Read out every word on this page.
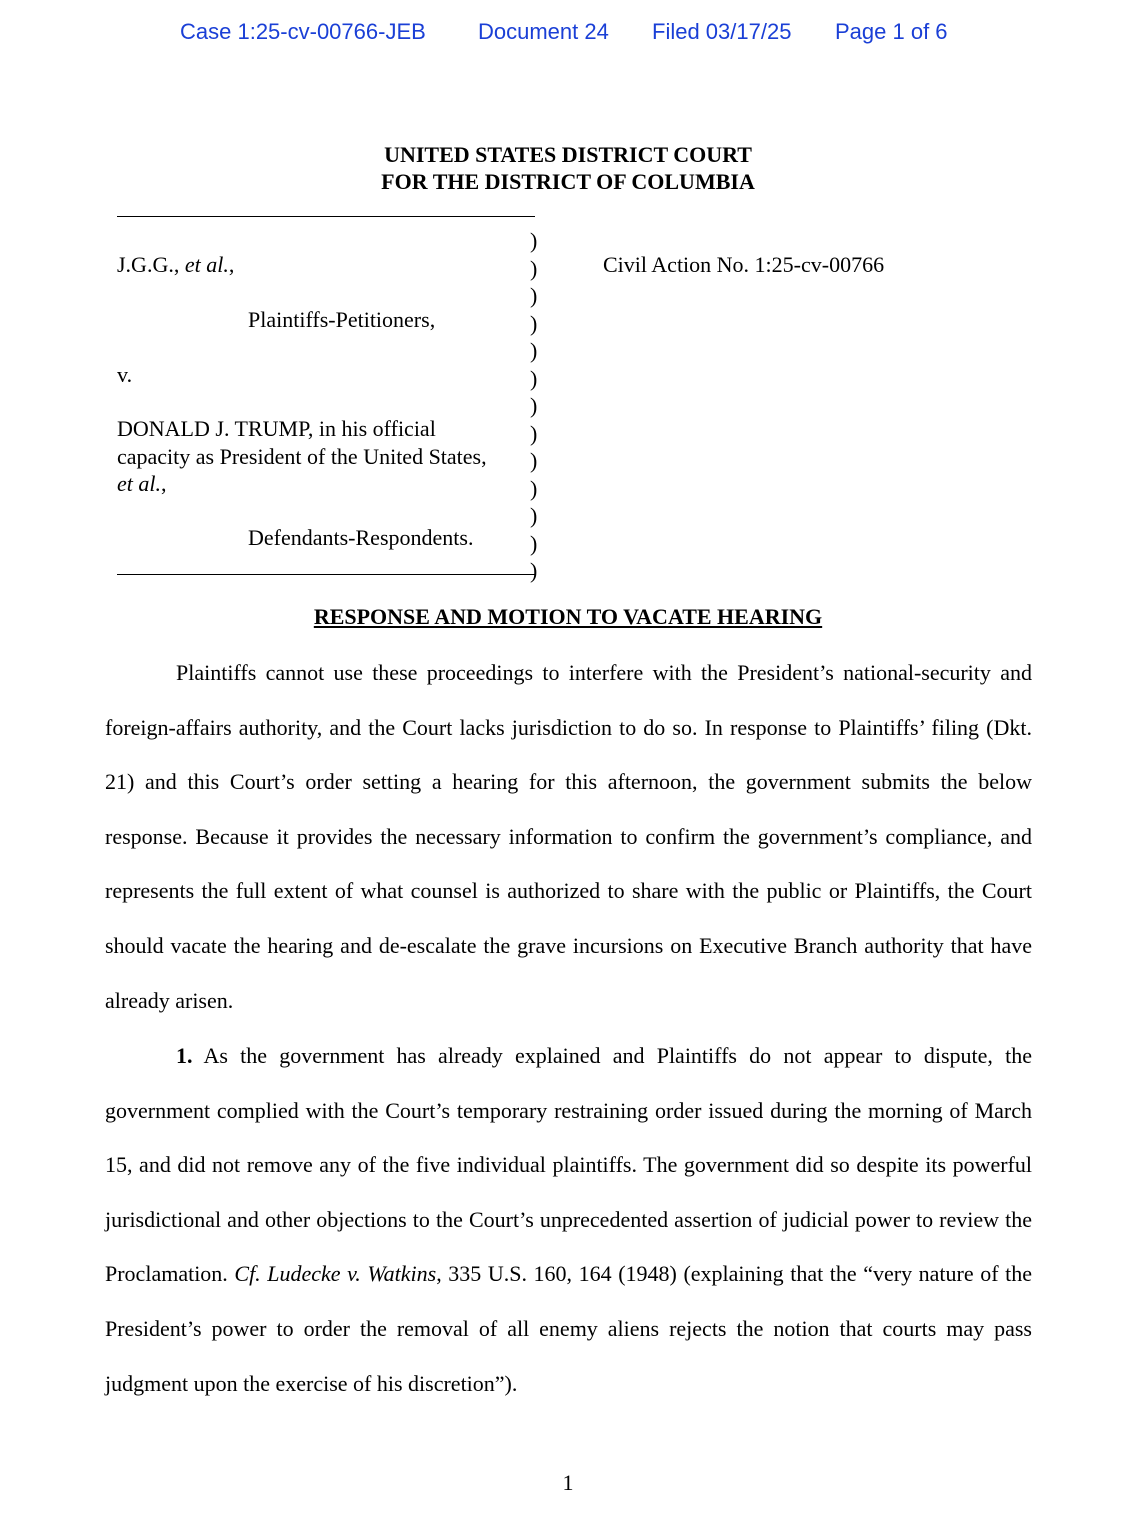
Case 1:25-cv-00766-JEB Document 24 Filed 03/17/25 Page 1 of 6
UNITED STATES DISTRICT COURT
FOR THE DISTRICT OF COLUMBIA
)
)
)
)
)
)
)
)
)
)
)
)
)
J.G.G., et al.,
Plaintiffs-Petitioners,
v.
DONALD J. TRUMP, in his official
capacity as President of the United States,
et al.,
Defendants-Respondents.
Civil Action No. 1:25-cv-00766
RESPONSE AND MOTION TO VACATE HEARING
Plaintiffs cannot use these proceedings to interfere with the President’s national-security and foreign-affairs authority, and the Court lacks jurisdiction to do so. In response to Plaintiffs’ filing (Dkt. 21) and this Court’s order setting a hearing for this afternoon, the government submits the below response. Because it provides the necessary information to confirm the government’s compliance, and represents the full extent of what counsel is authorized to share with the public or Plaintiffs, the Court should vacate the hearing and de-escalate the grave incursions on Executive Branch authority that have already arisen.
1. As the government has already explained and Plaintiffs do not appear to dispute, the government complied with the Court’s temporary restraining order issued during the morning of March 15, and did not remove any of the five individual plaintiffs. The government did so despite its powerful jurisdictional and other objections to the Court’s unprecedented assertion of judicial power to review the Proclamation. Cf. Ludecke v. Watkins, 335 U.S. 160, 164 (1948) (explaining that the “very nature of the President’s power to order the removal of all enemy aliens rejects the notion that courts may pass judgment upon the exercise of his discretion”).
1
